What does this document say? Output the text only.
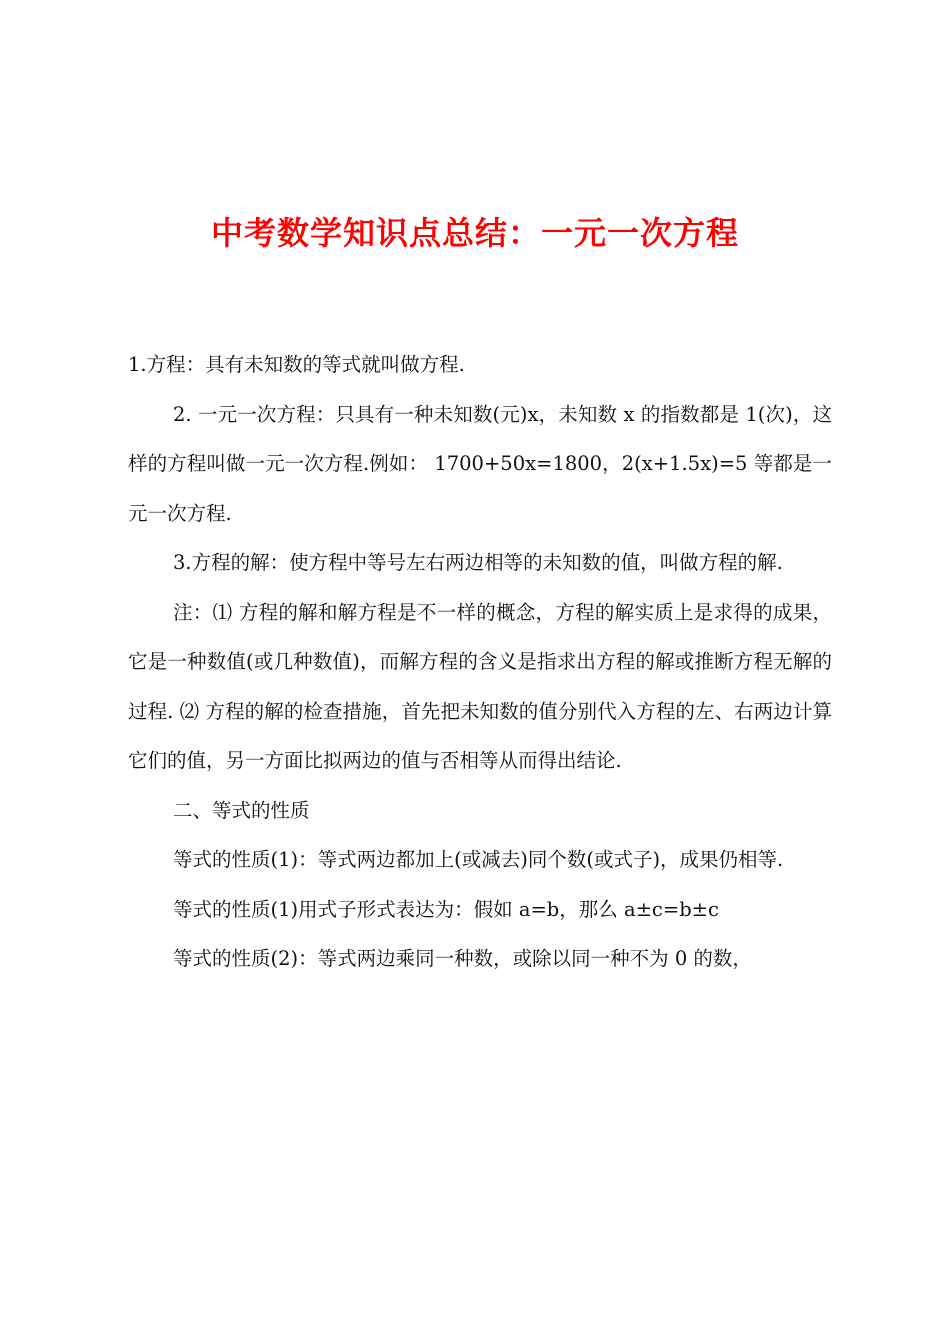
中考数学知识点总结：一元一次方程

1.方程：具有未知数的等式就叫做方程.

2. 一元一次方程：只具有一种未知数(元)x，未知数 x 的指数都是 1(次)，这样的方程叫做一元一次方程.例如： 1700+50x=1800，2(x+1.5x)=5 等都是一元一次方程.

3.方程的解：使方程中等号左右两边相等的未知数的值，叫做方程的解.

注：⑴ 方程的解和解方程是不一样的概念，方程的解实质上是求得的成果，它是一种数值(或几种数值)，而解方程的含义是指求出方程的解或推断方程无解的过程. ⑵ 方程的解的检查措施，首先把未知数的值分别代入方程的左、右两边计算它们的值，另一方面比拟两边的值与否相等从而得出结论.

二、等式的性质

等式的性质(1)：等式两边都加上(或减去)同个数(或式子)，成果仍相等.

等式的性质(1)用式子形式表达为：假如 a=b，那么 a±c=b±c

等式的性质(2)：等式两边乘同一种数，或除以同一种不为 0 的数，
